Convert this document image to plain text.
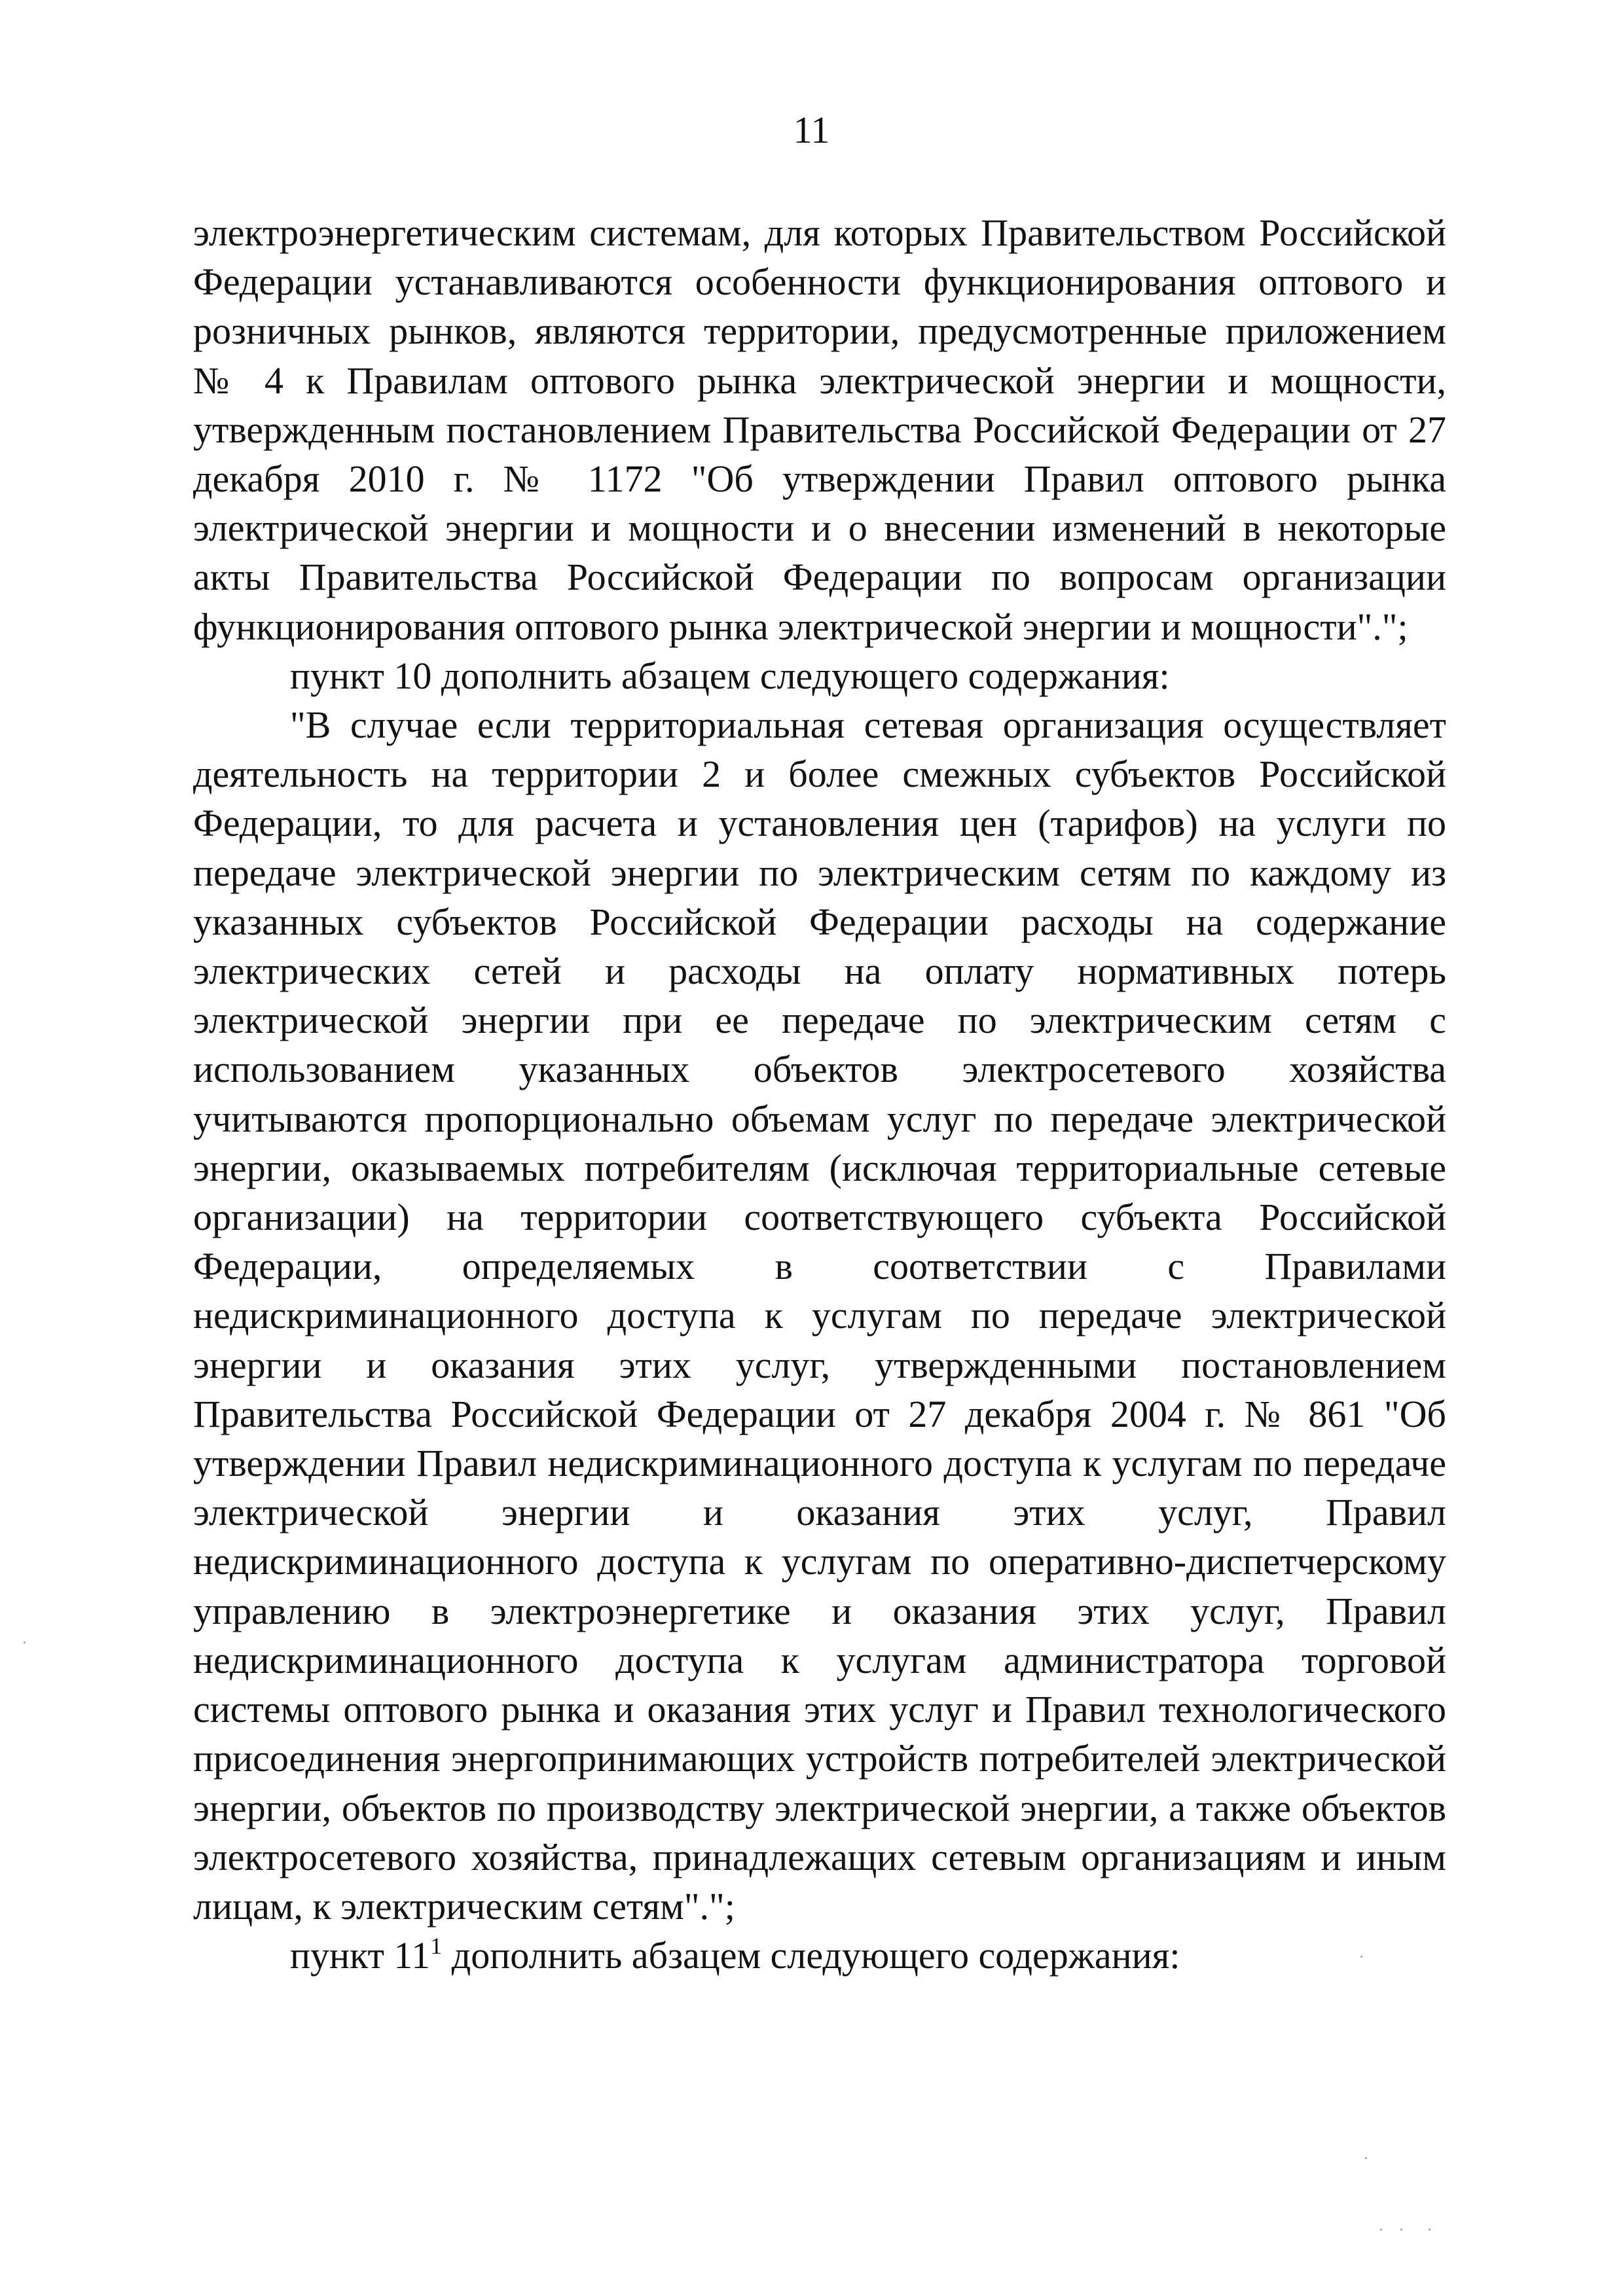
11

электроэнергетическим системам, для которых Правительством Российской Федерации устанавливаются особенности функционирования оптового и розничных рынков, являются территории, предусмотренные приложением № 4 к Правилам оптового рынка электрической энергии и мощности, утвержденным постановлением Правительства Российской Федерации от 27 декабря 2010 г. № 1172 "Об утверждении Правил оптового рынка электрической энергии и мощности и о внесении изменений в некоторые акты Правительства Российской Федерации по вопросам организации функционирования оптового рынка электрической энергии и мощности".";

пункт 10 дополнить абзацем следующего содержания:

"В случае если территориальная сетевая организация осуществляет деятельность на территории 2 и более смежных субъектов Российской Федерации, то для расчета и установления цен (тарифов) на услуги по передаче электрической энергии по электрическим сетям по каждому из указанных субъектов Российской Федерации расходы на содержание электрических сетей и расходы на оплату нормативных потерь электрической энергии при ее передаче по электрическим сетям с использованием указанных объектов электросетевого хозяйства учитываются пропорционально объемам услуг по передаче электрической энергии, оказываемых потребителям (исключая территориальные сетевые организации) на территории соответствующего субъекта Российской Федерации, определяемых в соответствии с Правилами недискриминационного доступа к услугам по передаче электрической энергии и оказания этих услуг, утвержденными постановлением Правительства Российской Федерации от 27 декабря 2004 г. № 861 "Об утверждении Правил недискриминационного доступа к услугам по передаче электрической энергии и оказания этих услуг, Правил недискриминационного доступа к услугам по оперативно-диспетчерскому управлению в электроэнергетике и оказания этих услуг, Правил недискриминационного доступа к услугам администратора торговой системы оптового рынка и оказания этих услуг и Правил технологического присоединения энергопринимающих устройств потребителей электрической энергии, объектов по производству электрической энергии, а также объектов электросетевого хозяйства, принадлежащих сетевым организациям и иным лицам, к электрическим сетям".";

пункт $11^1$ дополнить абзацем следующего содержания:
